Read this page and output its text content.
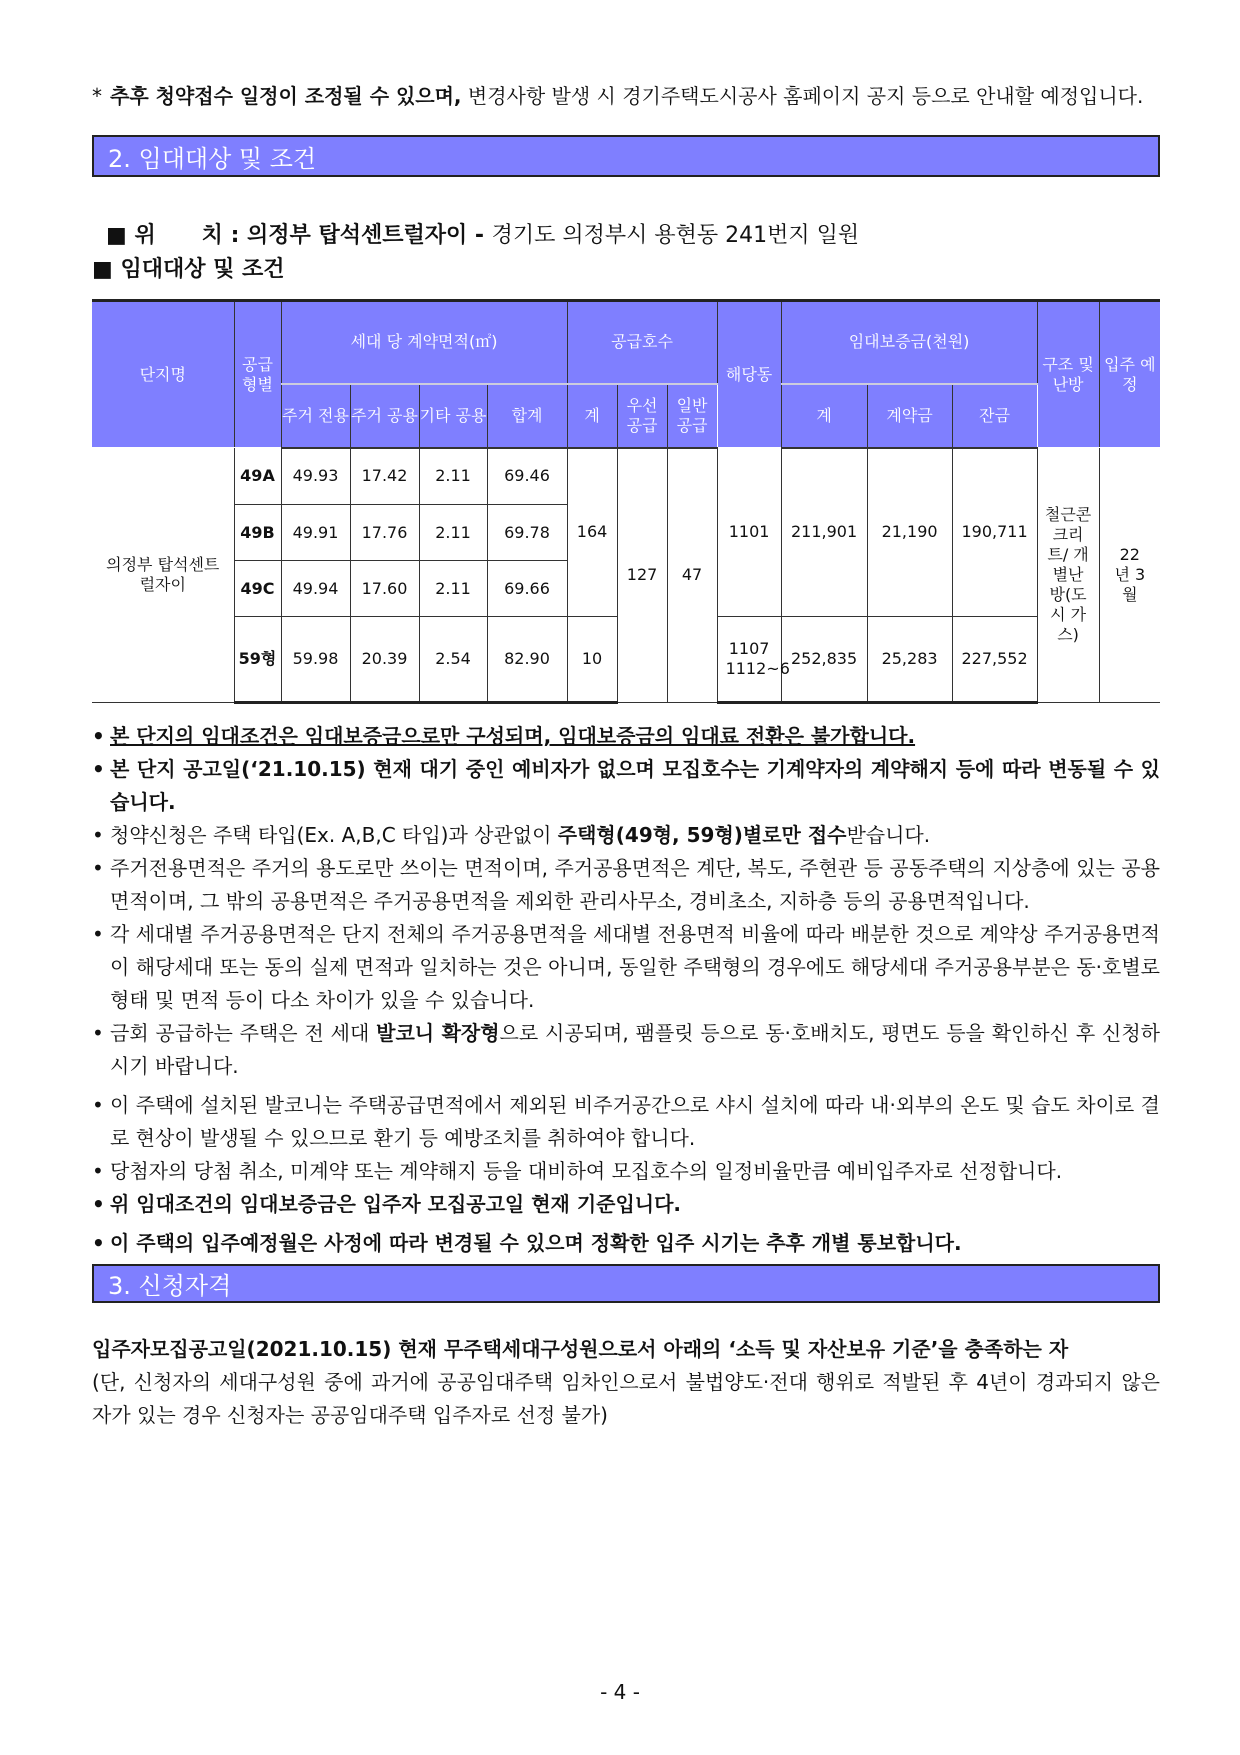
* 추후 청약접수 일정이 조정될 수 있으며, 변경사항 발생 시 경기주택도시공사 홈페이지 공지 등으로 안내할 예정입니다.
2. 임대대상 및 조건

■ 위      치 : 의정부 탑석센트럴자이 - 경기도 의정부시 용현동 241번지 일원

■ 임대대상 및 조건
단지명	공급 형별	세대 당 계약면적(㎡)				공급호수			해당동	임대보증금(천원)			구조 및 난방	입주 예정
		주거 전용	주거 공용	기타 공용	합계	계	우선 공급	일반 공급		계	계약금	잔금		
의정부 탑석센트럴자이	49A	49.93	17.42	2.11	69.46	164	127	47	1101	211,901	21,190	190,711	철근콘 크리트/ 개별난 방(도시 가스)	22년 3월
	49B	49.91	17.76	2.11	69.78									
	49C	49.94	17.60	2.11	69.66									
	59형	59.98	20.39	2.54	82.90	10			1107 1112~6	252,835	25,283	227,552		
• 본 단지의 임대조건은 임대보증금으로만 구성되며, 임대보증금의 임대료 전환은 불가합니다.
• 본 단지 공고일(‘21.10.15) 현재 대기 중인 예비자가 없으며 모집호수는 기계약자의 계약해지 등에 따라 변동될 수 있습니다.
• 청약신청은 주택 타입(Ex. A,B,C 타입)과 상관없이 주택형(49형, 59형)별로만 접수받습니다.
• 주거전용면적은 주거의 용도로만 쓰이는 면적이며, 주거공용면적은 계단, 복도, 주현관 등 공동주택의 지상층에 있는 공용면적이며, 그 밖의 공용면적은 주거공용면적을 제외한 관리사무소, 경비초소, 지하층 등의 공용면적입니다.
• 각 세대별 주거공용면적은 단지 전체의 주거공용면적을 세대별 전용면적 비율에 따라 배분한 것으로 계약상 주거공용면적이 해당세대 또는 동의 실제 면적과 일치하는 것은 아니며, 동일한 주택형의 경우에도 해당세대 주거공용부분은 동·호별로 형태 및 면적 등이 다소 차이가 있을 수 있습니다.
• 금회 공급하는 주택은 전 세대 발코니 확장형으로 시공되며, 팸플릿 등으로 동·호배치도, 평면도 등을 확인하신 후 신청하시기 바랍니다.
• 이 주택에 설치된 발코니는 주택공급면적에서 제외된 비주거공간으로 샤시 설치에 따라 내·외부의 온도 및 습도 차이로 결로 현상이 발생될 수 있으므로 환기 등 예방조치를 취하여야 합니다.
• 당첨자의 당첨 취소, 미계약 또는 계약해지 등을 대비하여 모집호수의 일정비율만큼 예비입주자로 선정합니다.
• 위 임대조건의 임대보증금은 입주자 모집공고일 현재 기준입니다.
• 이 주택의 입주예정월은 사정에 따라 변경될 수 있으며 정확한 입주 시기는 추후 개별 통보합니다.
3. 신청자격
입주자모집공고일(2021.10.15) 현재 무주택세대구성원으로서 아래의 ‘소득 및 자산보유 기준’을 충족하는 자
(단, 신청자의 세대구성원 중에 과거에 공공임대주택 임차인으로서 불법양도·전대 행위로 적발된 후 4년이 경과되지 않은 자가 있는 경우 신청자는 공공임대주택 입주자로 선정 불가)
- 4 -
